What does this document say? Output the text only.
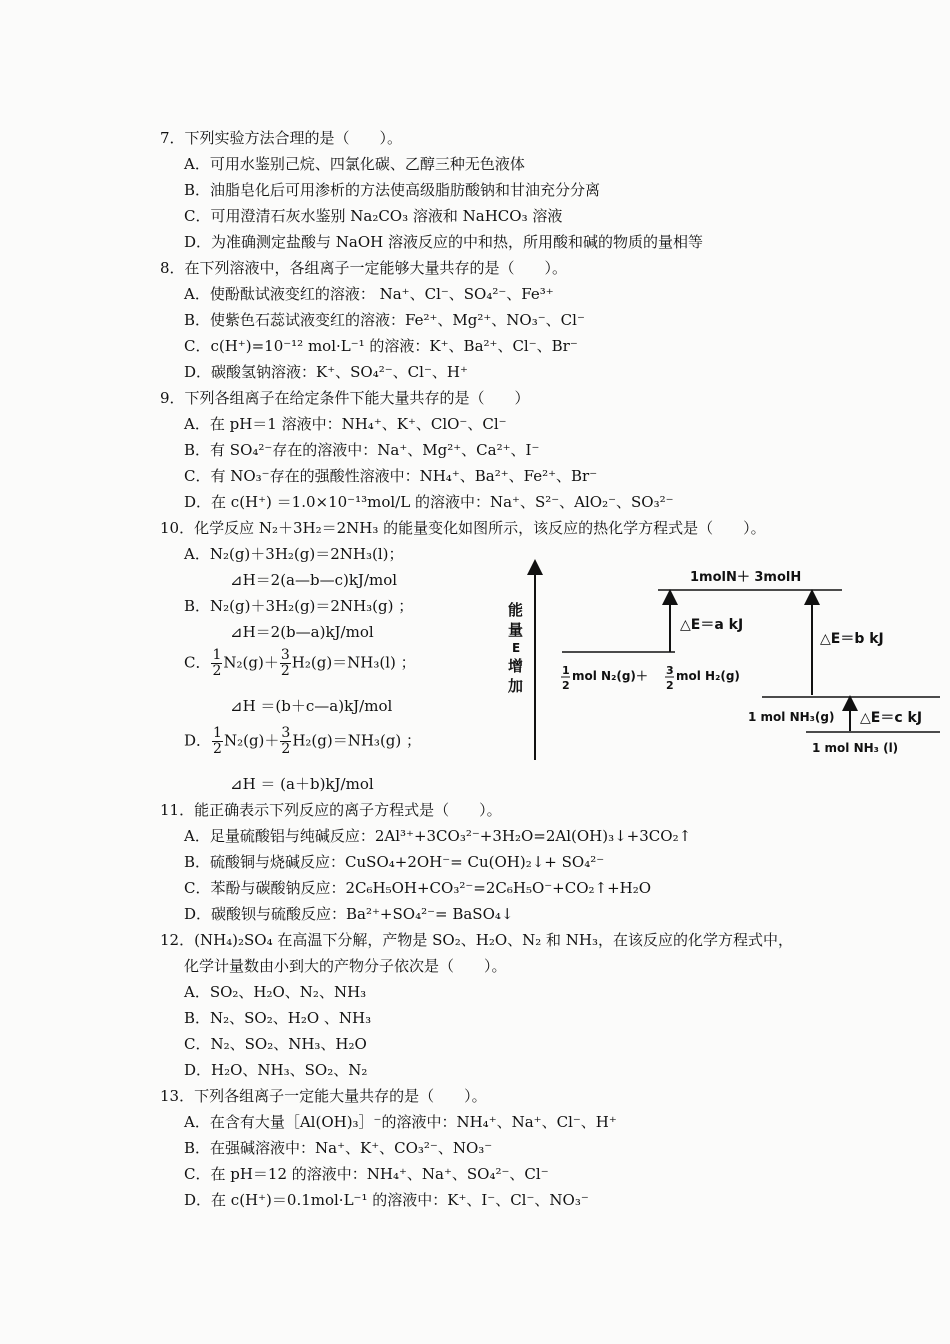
7．下列实验方法合理的是（　　）。
A．可用水鉴别己烷、四氯化碳、乙醇三种无色液体
B．油脂皂化后可用渗析的方法使高级脂肪酸钠和甘油充分分离
C．可用澄清石灰水鉴别 Na₂CO₃ 溶液和 NaHCO₃ 溶液
D．为准确测定盐酸与 NaOH 溶液反应的中和热，所用酸和碱的物质的量相等
8．在下列溶液中，各组离子一定能够大量共存的是（　　）。
A．使酚酞试液变红的溶液： Na⁺、Cl⁻、SO₄²⁻、Fe³⁺
B．使紫色石蕊试液变红的溶液：Fe²⁺、Mg²⁺、NO₃⁻、Cl⁻
C．c(H⁺)=10⁻¹² mol·L⁻¹ 的溶液：K⁺、Ba²⁺、Cl⁻、Br⁻
D．碳酸氢钠溶液：K⁺、SO₄²⁻、Cl⁻、H⁺
9．下列各组离子在给定条件下能大量共存的是（　　）
A．在 pH＝1 溶液中：NH₄⁺、K⁺、ClO⁻、Cl⁻
B．有 SO₄²⁻存在的溶液中：Na⁺、Mg²⁺、Ca²⁺、I⁻
C．有 NO₃⁻存在的强酸性溶液中：NH₄⁺、Ba²⁺、Fe²⁺、Br⁻
D．在 c(H⁺) ＝1.0×10⁻¹³mol/L 的溶液中：Na⁺、S²⁻、AlO₂⁻、SO₃²⁻
10．化学反应 N₂＋3H₂＝2NH₃ 的能量变化如图所示，该反应的热化学方程式是（　　）。
A．N₂(g)＋3H₂(g)＝2NH₃(l)；
⊿H＝2(a—b—c)kJ/mol
B．N₂(g)＋3H₂(g)＝2NH₃(g) ；
⊿H＝2(b—a)kJ/mol
C． $\frac{1}{2} N_2(g)+ \frac{3}{2} H_2(g)=NH_3(l)$ ；
⊿H ＝(b＋c—a)kJ/mol
D． $\frac{1}{2} N_2(g)+ \frac{3}{2} H_2(g)=NH_3(g)$ ；
⊿H ＝ (a＋b)kJ/mol
能
量
E
增
加
1molN＋ 3molH
1
2
mol N₂(g)＋ 3
2
mol H₂(g)
△E＝a kJ
△E＝b kJ
1 mol NH₃(g) △E＝c kJ
1 mol NH₃ (l)
11．能正确表示下列反应的离子方程式是（　　）。
A．足量硫酸铝与纯碱反应：2Al³⁺+3CO₃²⁻+3H₂O=2Al(OH)₃↓+3CO₂↑
B．硫酸铜与烧碱反应：CuSO₄+2OH⁻= Cu(OH)₂↓+ SO₄²⁻
C．苯酚与碳酸钠反应：2C₆H₅OH+CO₃²⁻=2C₆H₅O⁻+CO₂↑+H₂O
D．碳酸钡与硫酸反应：Ba²⁺+SO₄²⁻= BaSO₄↓
12．(NH₄)₂SO₄ 在高温下分解，产物是 SO₂、H₂O、N₂ 和 NH₃，在该反应的化学方程式中，
化学计量数由小到大的产物分子依次是（　　）。
A．SO₂、H₂O、N₂、NH₃
B．N₂、SO₂、H₂O 、NH₃
C．N₂、SO₂、NH₃、H₂O
D．H₂O、NH₃、SO₂、N₂
13．下列各组离子一定能大量共存的是（　　）。
A．在含有大量［Al(OH)₃］⁻的溶液中：NH₄⁺、Na⁺、Cl⁻、H⁺
B．在强碱溶液中：Na⁺、K⁺、CO₃²⁻、NO₃⁻
C．在 pH＝12 的溶液中：NH₄⁺、Na⁺、SO₄²⁻、Cl⁻
D．在 c(H⁺)＝0.1mol·L⁻¹ 的溶液中：K⁺、I⁻、Cl⁻、NO₃⁻
